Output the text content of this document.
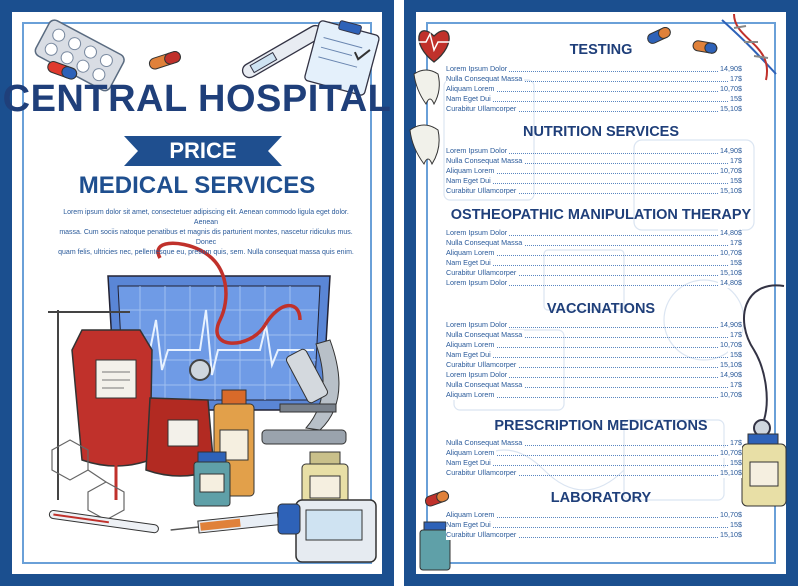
CENTRAL HOSPITAL
PRICE
MEDICAL SERVICES
Lorem ipsum dolor sit amet, consectetuer adipiscing elit. Aenean commodo ligula eget dolor. Aenean
massa. Cum sociis natoque penatibus et magnis dis parturient montes, nascetur ridiculus mus. Donec
quam felis, ultricies nec, pellentesque eu, pretium quis, sem. Nulla consequat massa quis enim.
TESTING
Lorem Ipsum Dolor	14,90$
Nulla Consequat Massa	17$
Aliquam Lorem	10,70$
Nam Eget Dui	15$
Curabitur Ullamcorper	15,10$
NUTRITION SERVICES
Lorem Ipsum Dolor	14,90$
Nulla Consequat Massa	17$
Aliquam Lorem	10,70$
Nam Eget Dui	15$
Curabitur Ullamcorper	15,10$
OSTHEOPATHIC MANIPULATION THERAPY
Lorem Ipsum Dolor	14,80$
Nulla Consequat Massa	17$
Aliquam Lorem	10,70$
Nam Eget Dui	15$
Curabitur Ullamcorper	15,10$
Lorem Ipsum Dolor	14,80$
VACCINATIONS
Lorem Ipsum Dolor	14,90$
Nulla Consequat Massa	17$
Aliquam Lorem	10,70$
Nam Eget Dui	15$
Curabitur Ullamcorper	15,10$
Lorem Ipsum Dolor	14,90$
Nulla Consequat Massa	17$
Aliquam Lorem	10,70$
PRESCRIPTION MEDICATIONS
Nulla Consequat Massa	17$
Aliquam Lorem	10,70$
Nam Eget Dui	15$
Curabitur Ullamcorper	15,10$
LABORATORY
Aliquam Lorem	10,70$
Nam Eget Dui	15$
Curabitur Ullamcorper	15,10$
